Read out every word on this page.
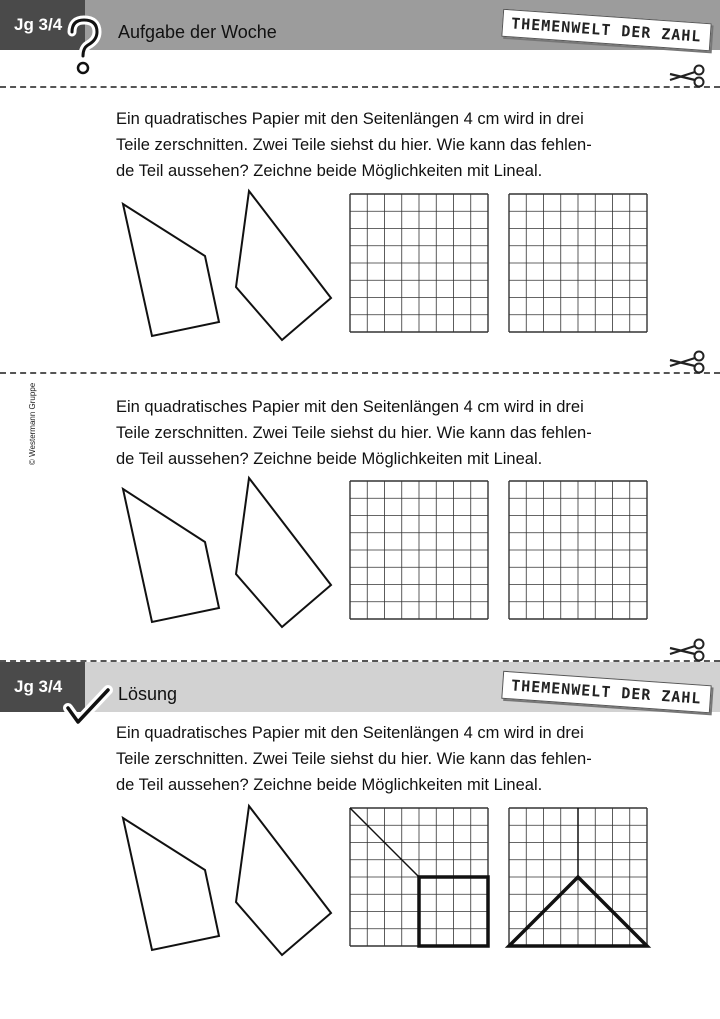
Jg 3/4	Aufgabe der Woche	THEMENWELT DER ZAHL
Ein quadratisches Papier mit den Seitenlängen 4 cm wird in drei
Teile zerschnitten. Zwei Teile siehst du hier. Wie kann das fehlen-
de Teil aussehen? Zeichne beide Möglichkeiten mit Lineal.
© Westermann Gruppe	Ein quadratisches Papier mit den Seitenlängen 4 cm wird in drei
Teile zerschnitten. Zwei Teile siehst du hier. Wie kann das fehlen-
de Teil aussehen? Zeichne beide Möglichkeiten mit Lineal.
Jg 3/4	Lösung	THEMENWELT DER ZAHL
Ein quadratisches Papier mit den Seitenlängen 4 cm wird in drei
Teile zerschnitten. Zwei Teile siehst du hier. Wie kann das fehlen-
de Teil aussehen? Zeichne beide Möglichkeiten mit Lineal.
